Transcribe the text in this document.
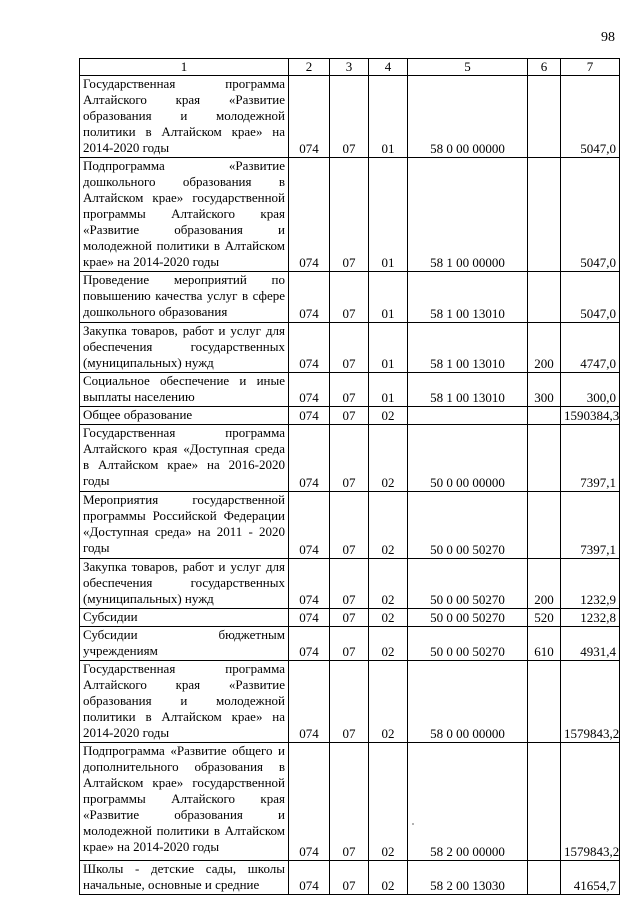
98
1	2	3	4	5	6	7
Государственная программа Алтайского края «Развитие образования и молодежной политики в Алтайском крае» на 2014-2020 годы	074	07	01	58 0 00 00000		5047,0
Подпрограмма «Развитие дошкольного образования в Алтайском крае» государственной программы Алтайского края «Развитие образования и молодежной политики в Алтайском крае» на 2014-2020 годы	074	07	01	58 1 00 00000		5047,0
Проведение мероприятий по повышению качества услуг в сфере дошкольного образования	074	07	01	58 1 00 13010		5047,0
Закупка товаров, работ и услуг для обеспечения государственных (муниципальных) нужд	074	07	01	58 1 00 13010	200	4747,0
Социальное обеспечение и иные выплаты населению	074	07	01	58 1 00 13010	300	300,0
Общее образование	074	07	02			1590384,3
Государственная программа Алтайского края «Доступная среда в Алтайском крае» на 2016-2020 годы	074	07	02	50 0 00 00000		7397,1
Мероприятия государственной программы Российской Федерации «Доступная среда» на 2011 - 2020 годы	074	07	02	50 0 00 50270		7397,1
Закупка товаров, работ и услуг для обеспечения государственных (муниципальных) нужд	074	07	02	50 0 00 50270	200	1232,9
Субсидии	074	07	02	50 0 00 50270	520	1232,8
Субсидии бюджетным учреждениям	074	07	02	50 0 00 50270	610	4931,4
Государственная программа Алтайского края «Развитие образования и молодежной политики в Алтайском крае» на 2014-2020 годы	074	07	02	58 0 00 00000		1579843,2
Подпрограмма «Развитие общего и дополнительного образования в Алтайском крае» государственной программы Алтайского края «Развитие образования и молодежной политики в Алтайском крае» на 2014-2020 годы	074	07	02	58 2 00 00000		1579843,2
Школы - детские сады, школы начальные, основные и средние	074	07	02	58 2 00 13030		41654,7
